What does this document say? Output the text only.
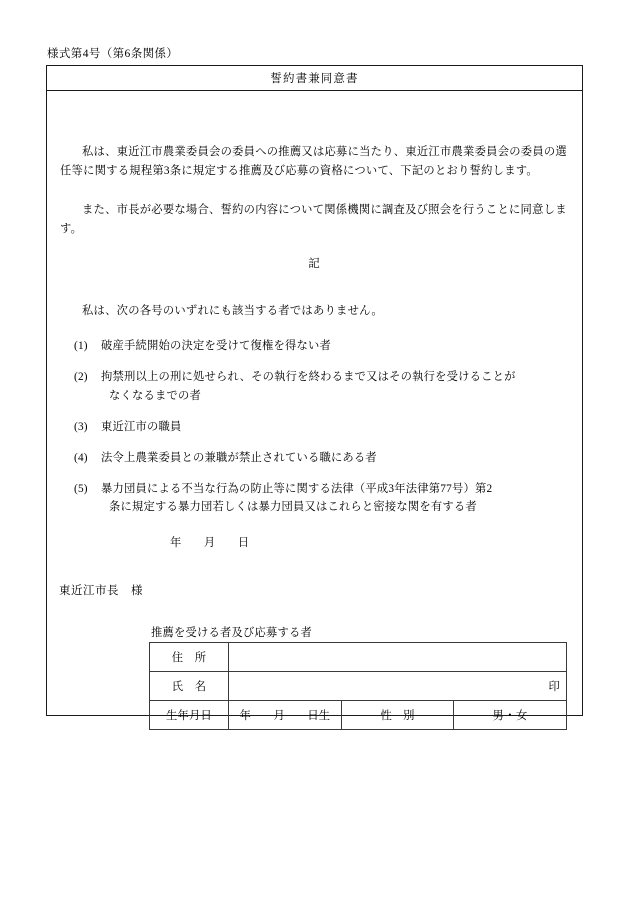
様式第4号（第6条関係）
誓約書兼同意書
私は、東近江市農業委員会の委員への推薦又は応募に当たり、東近江市農業委員会の委員の選任等に関する規程第3条に規定する推薦及び応募の資格について、下記のとおり誓約します。
また、市長が必要な場合、誓約の内容について関係機関に調査及び照会を行うことに同意します。
記
私は、次の各号のいずれにも該当する者ではありません。
(1)	破産手続開始の決定を受けて復権を得ない者
(2)	拘禁刑以上の刑に処せられ、その執行を終わるまで又はその執行を受けることが
なくなるまでの者
(3)	東近江市の職員
(4)	法令上農業委員との兼職が禁止されている職にある者
(5)	暴力団員による不当な行為の防止等に関する法律（平成3年法律第77号）第2
条に規定する暴力団若しくは暴力団員又はこれらと密接な関を有する者
年　　月　　日
東近江市長　様
推薦を受ける者及び応募する者
住　所			
氏　名	印		
生年月日	年　　月　　日生	性　別	男・女
